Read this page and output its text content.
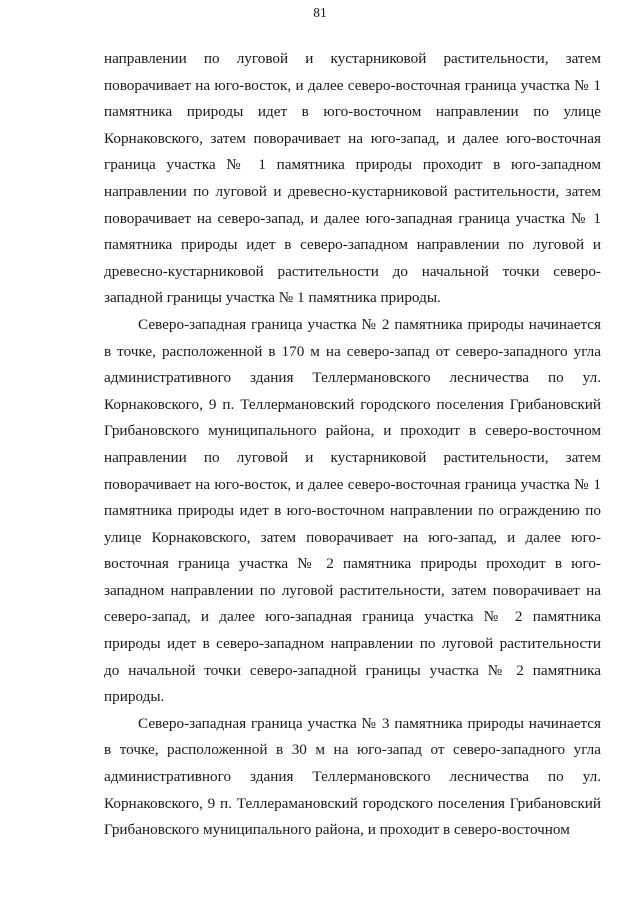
81

направлении по луговой и кустарниковой растительности, затем поворачивает на юго-восток, и далее северо-восточная граница участка № 1 памятника природы идет в юго-восточном направлении по улице Корнаковского, затем поворачивает на юго-запад, и далее юго-восточная граница участка № 1 памятника природы проходит в юго-западном направлении по луговой и древесно-кустарниковой растительности, затем поворачивает на северо-запад, и далее юго-западная граница участка № 1 памятника природы идет в северо-западном направлении по луговой и древесно-кустарниковой растительности до начальной точки северо-западной границы участка № 1 памятника природы.

Северо-западная граница участка № 2 памятника природы начинается в точке, расположенной в 170 м на северо-запад от северо-западного угла административного здания Теллермановского лесничества по ул. Корнаковского, 9 п. Теллермановский городского поселения Грибановский Грибановского муниципального района, и проходит в северо-восточном направлении по луговой и кустарниковой растительности, затем поворачивает на юго-восток, и далее северо-восточная граница участка № 1 памятника природы идет в юго-восточном направлении по ограждению по улице Корнаковского, затем поворачивает на юго-запад, и далее юго-восточная граница участка № 2 памятника природы проходит в юго-западном направлении по луговой растительности, затем поворачивает на северо-запад, и далее юго-западная граница участка № 2 памятника природы идет в северо-западном направлении по луговой растительности до начальной точки северо-западной границы участка № 2 памятника природы.

Северо-западная граница участка № 3 памятника природы начинается в точке, расположенной в 30 м на юго-запад от северо-западного угла административного здания Теллермановского лесничества по ул. Корнаковского, 9 п. Теллерамановский городского поселения Грибановский Грибановского муниципального района, и проходит в северо-восточном
